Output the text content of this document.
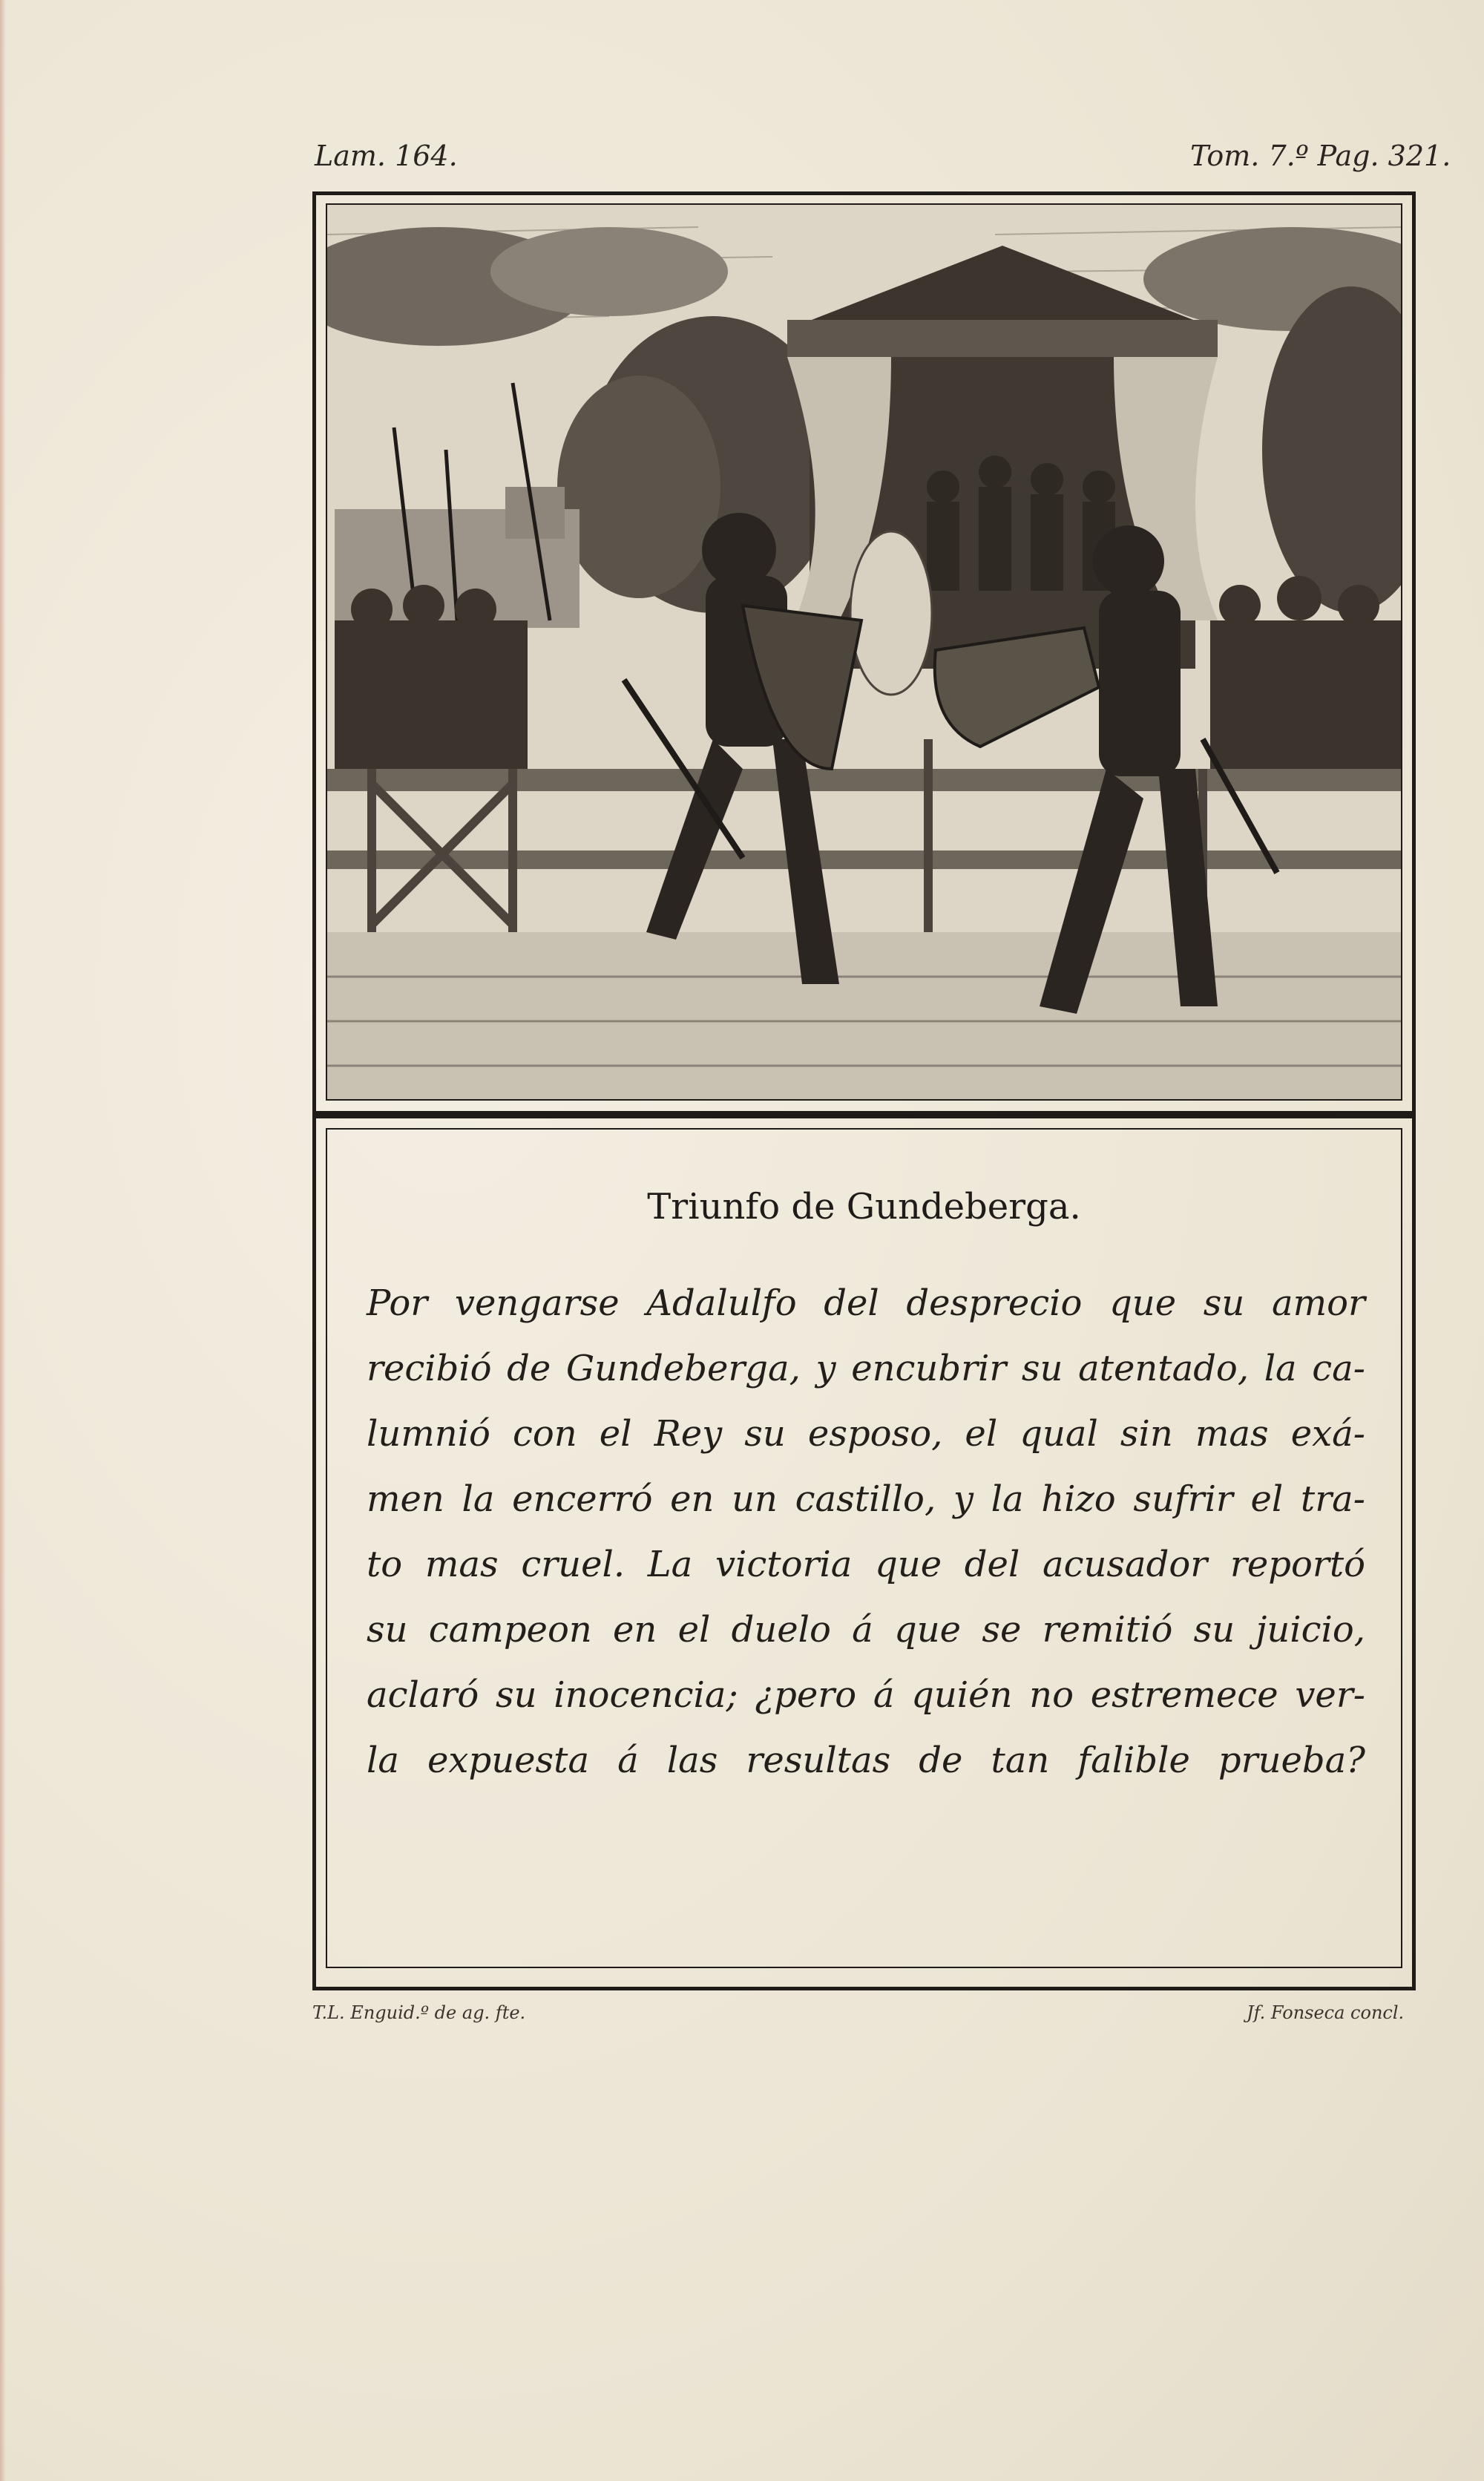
Lam. 164.	Tom. 7.º Pag. 321.
Triunfo de Gundeberga.
Por vengarse Adalulfo del desprecio que su amor
recibió de Gundeberga, y encubrir su atentado, la ca-
lumnió con el Rey su esposo, el qual sin mas exá-
men la encerró en un castillo, y la hizo sufrir el tra-
to mas cruel. La victoria que del acusador reportó
su campeon en el duelo á que se remitió su juicio,
aclaró su inocencia; ¿pero á quién no estremece ver-
la expuesta á las resultas de tan falible prueba?
T.L. Enguid.º de ag. fte.	Jf. Fonseca concl.
